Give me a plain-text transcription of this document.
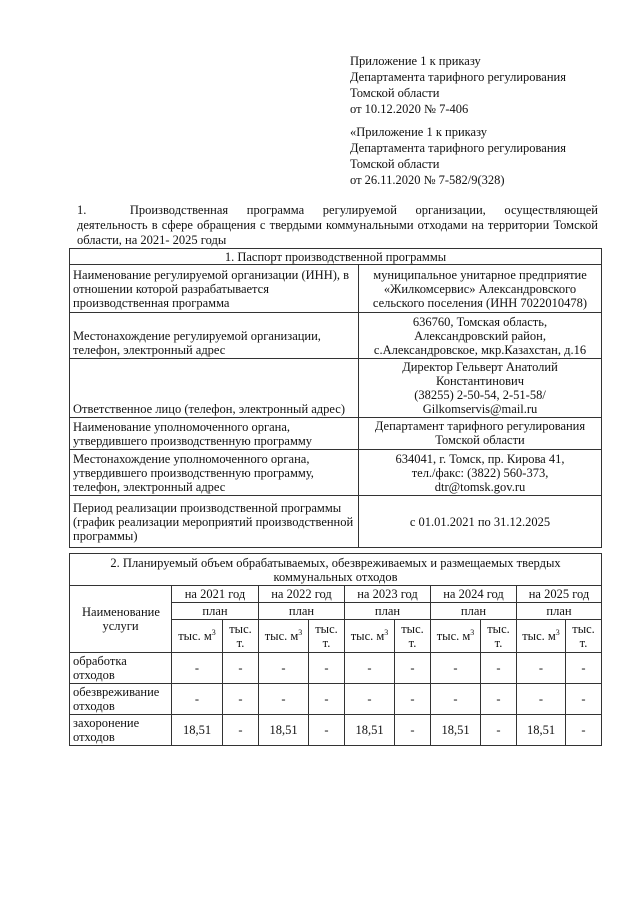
Приложение 1 к приказу
Департамента тарифного регулирования
Томской области
от 10.12.2020 № 7-406
«Приложение 1 к приказу
Департамента тарифного регулирования
Томской области
от 26.11.2020 № 7-582/9(328)
1.       Производственная   программа   регулируемой   организации,   осуществляющей деятельность в сфере обращения с твердыми коммунальными отходами на территории Томской области, на 2021- 2025 годы
1. Паспорт производственной программы	
Наименование регулируемой организации (ИНН), в отношении которой разрабатывается производственная программа	муниципальное унитарное предприятие
«Жилкомсервис» Александровского
сельского поселения (ИНН 7022010478)

Местонахождение регулируемой организации, телефон, электронный адрес	636760, Томская область,
Александровский район,
с.Александровское, мкр.Казахстан, д.16

Ответственное лицо (телефон, электронный адрес)	Директор Гельверт Анатолий
Константинович
(38255) 2-50-54, 2-51-58/
Gilkomservis@mail.ru

Наименование уполномоченного органа, утвердившего производственную программу	Департамент тарифного регулирования
Томской области

Местонахождение уполномоченного органа, утвердившего производственную программу, телефон, электронный адрес	634041, г. Томск, пр. Кирова 41,
тел./факс: (3822) 560-373,
dtr@tomsk.gov.ru

Период реализации производственной программы (график реализации мероприятий производственной программы)	с 01.01.2021 по 31.12.2025
2. Планируемый объем обрабатываемых, обезвреживаемых и размещаемых твердых коммунальных отходов										
Наименование услуги	на 2021 год		на 2022 год		на 2023 год		на 2024 год		на 2025 год	
	план		план		план		план		план	
	тыс. $м^3$	тыс. т.	тыс. $м^3$	тыс. т.	тыс. $м^3$	тыс. т.	тыс. $м^3$	тыс. т.	тыс. $м^3$	тыс. т.
обработка отходов	-	-	-	-	-	-	-	-	-	-
обезвреживание отходов	-	-	-	-	-	-	-	-	-	-
захоронение отходов	18,51	-	18,51	-	18,51	-	18,51	-	18,51	-
